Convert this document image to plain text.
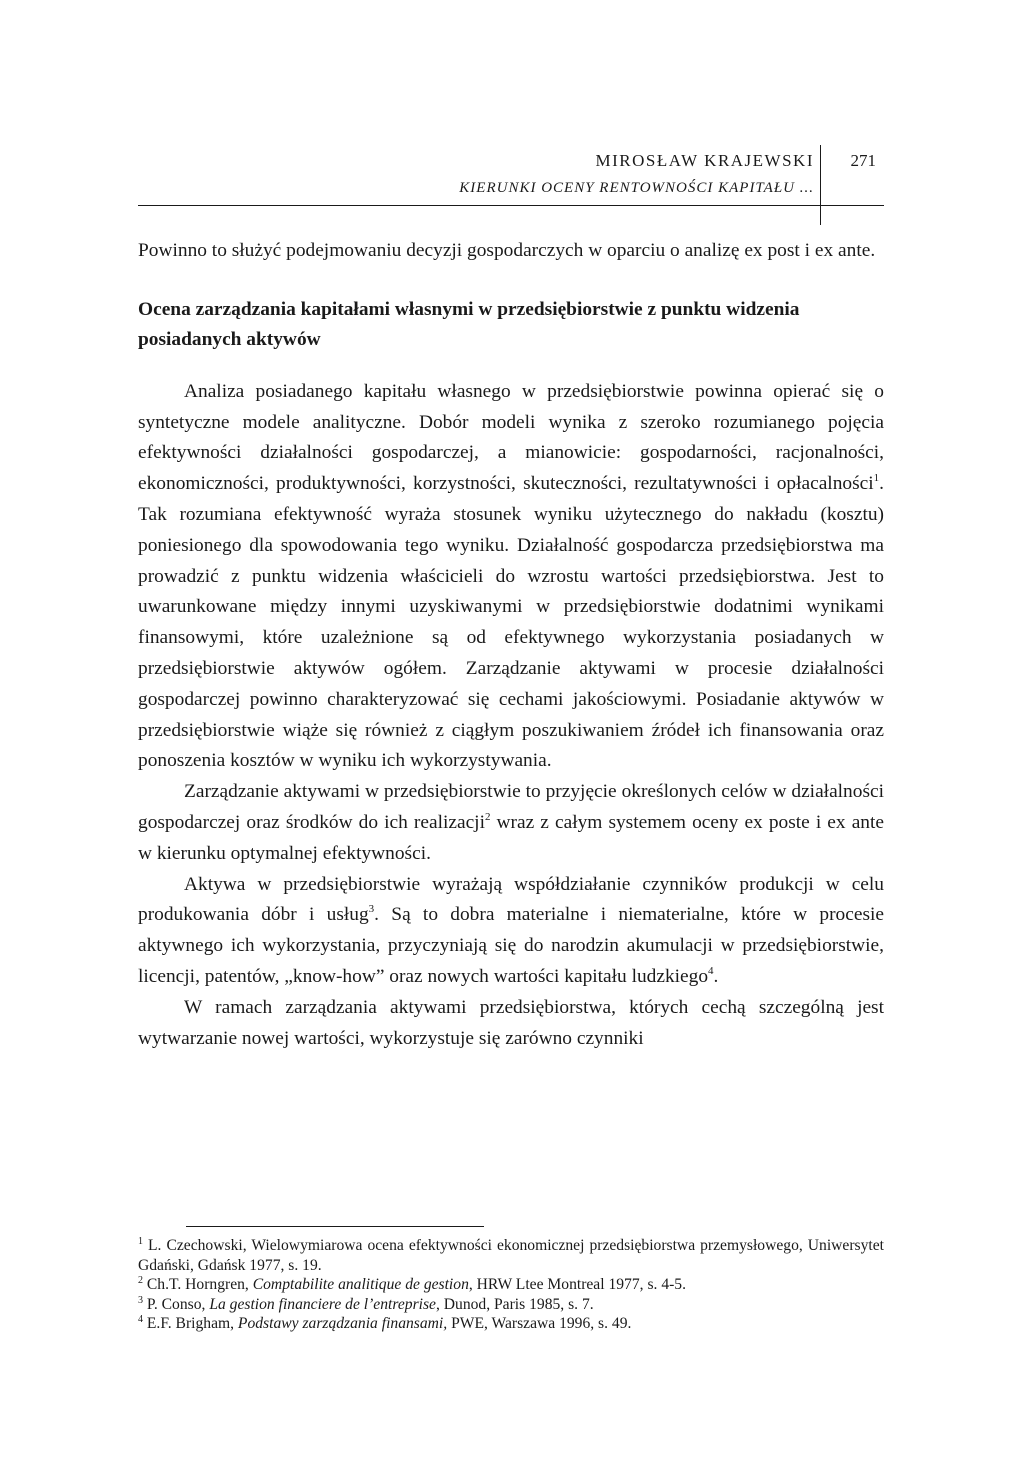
MIROSŁAW KRAJEWSKI
KIERUNKI OCENY RENTOWNOŚCI KAPITAŁU ...
271

Powinno to służyć podejmowaniu decyzji gospodarczych w oparciu o analizę ex post i ex ante.

Ocena zarządzania kapitałami własnymi w przedsiębiorstwie z punktu widzenia posiadanych aktywów

Analiza posiadanego kapitału własnego w przedsiębiorstwie powinna opierać się o syntetyczne modele analityczne. Dobór modeli wynika z szeroko rozumianego pojęcia efektywności działalności gospodarczej, a mianowicie: gospodarności, racjonalności, ekonomiczności, produktywności, korzystności, skuteczności, rezultatywności i opłacalności$^1$. Tak rozumiana efektywność wyraża stosunek wyniku użytecznego do nakładu (kosztu) poniesionego dla spowodowania tego wyniku. Działalność gospodarcza przedsiębiorstwa ma prowadzić z punktu widzenia właścicieli do wzrostu wartości przedsiębiorstwa. Jest to uwarunkowane między innymi uzyskiwanymi w przedsiębiorstwie dodatnimi wynikami finansowymi, które uzależnione są od efektywnego wykorzystania posiadanych w przedsiębiorstwie aktywów ogółem. Zarządzanie aktywami w procesie działalności gospodarczej powinno charakteryzować się cechami jakościowymi. Posiadanie aktywów w przedsiębiorstwie wiąże się również z ciągłym poszukiwaniem źródeł ich finansowania oraz ponoszenia kosztów w wyniku ich wykorzystywania.

Zarządzanie aktywami w przedsiębiorstwie to przyjęcie określonych celów w działalności gospodarczej oraz środków do ich realizacji$^2$ wraz z całym systemem oceny ex poste i ex ante w kierunku optymalnej efektywności.

Aktywa w przedsiębiorstwie wyrażają współdziałanie czynników produkcji w celu produkowania dóbr i usług$^3$. Są to dobra materialne i niematerialne, które w procesie aktywnego ich wykorzystania, przyczyniają się do narodzin akumulacji w przedsiębiorstwie, licencji, patentów, „know-how” oraz nowych wartości kapitału ludzkiego$^4$.

W ramach zarządzania aktywami przedsiębiorstwa, których cechą szczególną jest wytwarzanie nowej wartości, wykorzystuje się zarówno czynniki

$^1$ L. Czechowski, Wielowymiarowa ocena efektywności ekonomicznej przedsiębiorstwa przemysłowego, Uniwersytet Gdański, Gdańsk 1977, s. 19.

$^2$ Ch.T. Horngren, Comptabilite analitique de gestion, HRW Ltee Montreal 1977, s. 4-5.

$^3$ P. Conso, La gestion financiere de l’entreprise, Dunod, Paris 1985, s. 7.

$^4$ E.F. Brigham, Podstawy zarządzania finansami, PWE, Warszawa 1996, s. 49.
